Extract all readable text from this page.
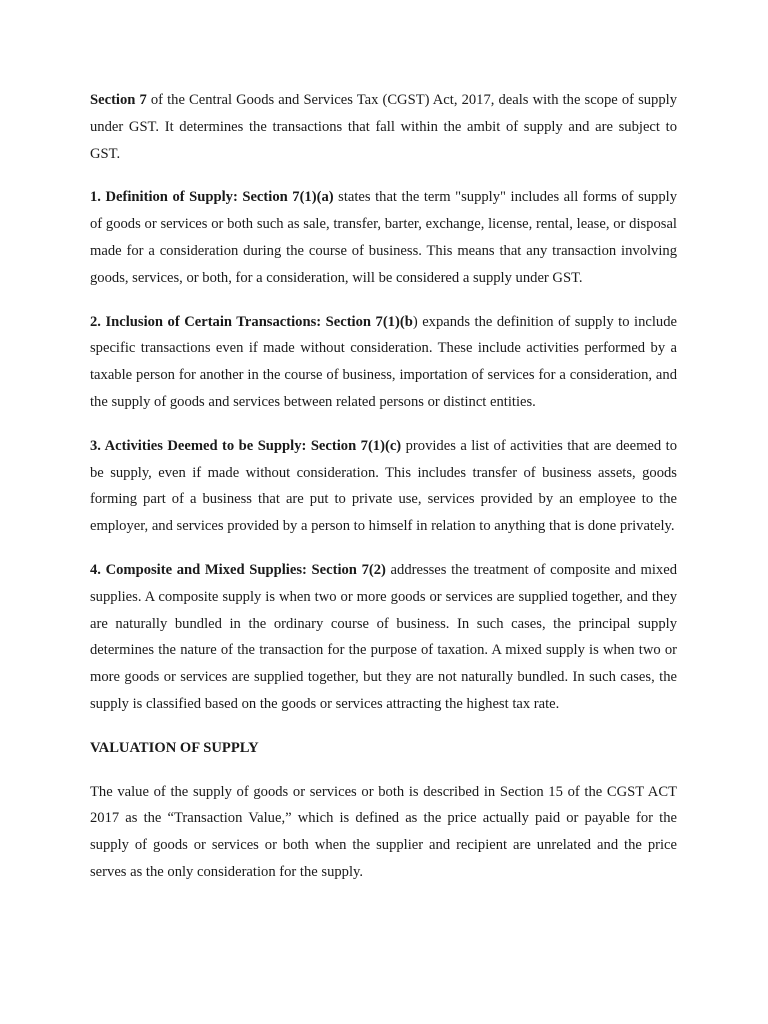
Section 7 of the Central Goods and Services Tax (CGST) Act, 2017, deals with the scope of supply under GST. It determines the transactions that fall within the ambit of supply and are subject to GST.

1. Definition of Supply: Section 7(1)(a) states that the term "supply" includes all forms of supply of goods or services or both such as sale, transfer, barter, exchange, license, rental, lease, or disposal made for a consideration during the course of business. This means that any transaction involving goods, services, or both, for a consideration, will be considered a supply under GST.

2. Inclusion of Certain Transactions: Section 7(1)(b) expands the definition of supply to include specific transactions even if made without consideration. These include activities performed by a taxable person for another in the course of business, importation of services for a consideration, and the supply of goods and services between related persons or distinct entities.

3. Activities Deemed to be Supply: Section 7(1)(c) provides a list of activities that are deemed to be supply, even if made without consideration. This includes transfer of business assets, goods forming part of a business that are put to private use, services provided by an employee to the employer, and services provided by a person to himself in relation to anything that is done privately.

4. Composite and Mixed Supplies: Section 7(2) addresses the treatment of composite and mixed supplies. A composite supply is when two or more goods or services are supplied together, and they are naturally bundled in the ordinary course of business. In such cases, the principal supply determines the nature of the transaction for the purpose of taxation. A mixed supply is when two or more goods or services are supplied together, but they are not naturally bundled. In such cases, the supply is classified based on the goods or services attracting the highest tax rate.

VALUATION OF SUPPLY

The value of the supply of goods or services or both is described in Section 15 of the CGST ACT 2017 as the “Transaction Value,” which is defined as the price actually paid or payable for the supply of goods or services or both when the supplier and recipient are unrelated and the price serves as the only consideration for the supply.
